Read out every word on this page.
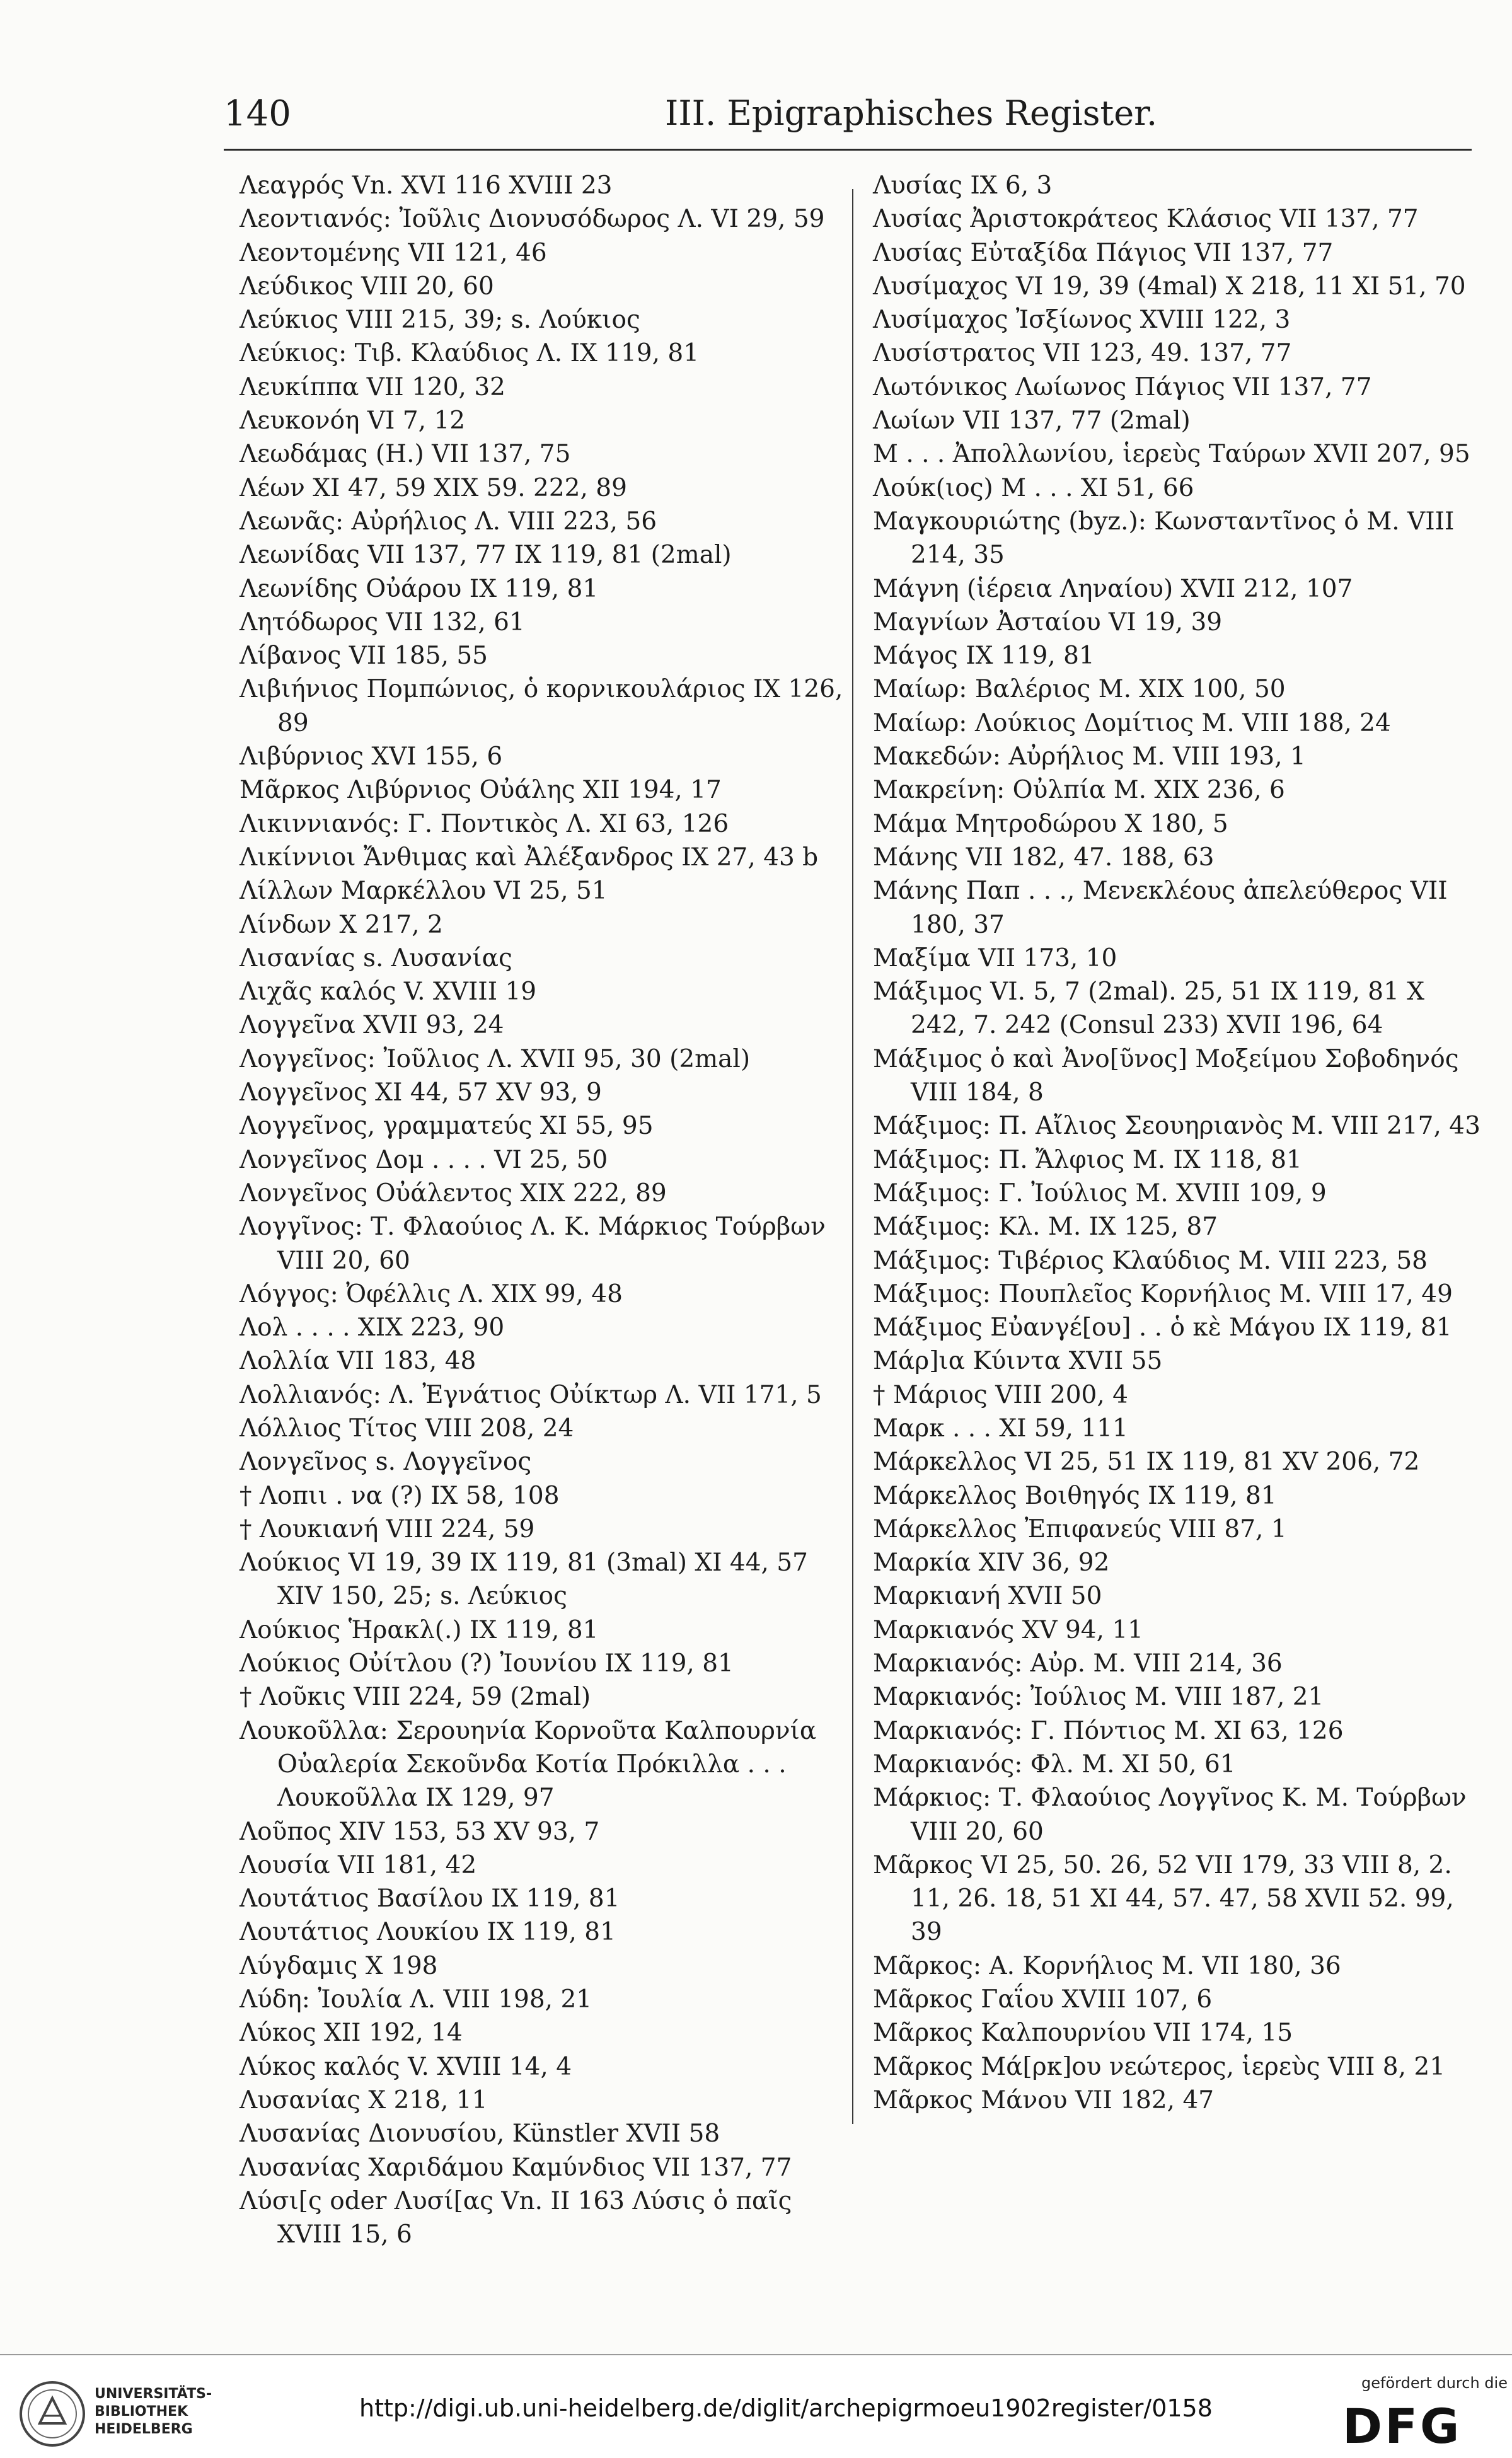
140	III. Epigraphisches Register.
Λεαγρός Vn. XVI 116 XVIII 23
Λεοντιανός: Ἰοῦλις Διονυσόδωρος Λ. VI 29, 59
Λεοντομένης VII 121, 46
Λεύδικος VIII 20, 60
Λεύκιος VIII 215, 39; s. Λούκιος
Λεύκιος: Τιβ. Κλαύδιος Λ. IX 119, 81
Λευκίππα VII 120, 32
Λευκονόη VI 7, 12
Λεωδάμας (H.) VII 137, 75
Λέων XI 47, 59 XIX 59. 222, 89
Λεωνᾶς: Αὐρήλιος Λ. VIII 223, 56
Λεωνίδας VII 137, 77 IX 119, 81 (2mal)
Λεωνίδης Οὐάρου IX 119, 81
Λητόδωρος VII 132, 61
Λίβανος VII 185, 55
Λιβιήνιος Πομπώνιος, ὁ κορνικουλάριος IX 126, 89
Λιβύρνιος XVI 155, 6
Μᾶρκος Λιβύρνιος Οὐάλης XII 194, 17
Λικιννιανός: Γ. Ποντικὸς Λ. XI 63, 126
Λικίννιοι Ἄνθιμας καὶ Ἀλέξανδρος IX 27, 43 b
Λίλλων Μαρκέλλου VI 25, 51
Λίνδων X 217, 2
Λισανίας s. Λυσανίας
Λιχᾶς καλός V. XVIII 19
Λογγεῖνα XVII 93, 24
Λογγεῖνος: Ἰοῦλιος Λ. XVII 95, 30 (2mal)
Λογγεῖνος XI 44, 57 XV 93, 9
Λογγεῖνος, γραμματεύς XI 55, 95
Λονγεῖνος Δομ . . . . VI 25, 50
Λονγεῖνος Οὐάλεντος XIX 222, 89
Λογγῖνος: Τ. Φλαούιος Λ. Κ. Μάρκιος Τούρβων VIII 20, 60
Λόγγος: Ὀφέλλις Λ. XIX 99, 48
Λολ . . . . XIX 223, 90
Λολλία VII 183, 48
Λολλιανός: Λ. Ἐγνάτιος Οὐίκτωρ Λ. VII 171, 5
Λόλλιος Τίτος VIII 208, 24
Λονγεῖνος s. Λογγεῖνος
† Λοπιι . να (?) IX 58, 108
† Λουκιανή VIII 224, 59
Λούκιος VI 19, 39 IX 119, 81 (3mal) XI 44, 57 XIV 150, 25; s. Λεύκιος
Λούκιος Ἡρακλ(.) IX 119, 81
Λούκιος Οὐίτλου (?) Ἰουνίου IX 119, 81
† Λοῦκις VIII 224, 59 (2mal)
Λουκοῦλλα: Σερουηνία Κορνοῦτα Καλπουρνία Οὐαλερία Σεκοῦνδα Κοτία Πρόκιλλα . . . Λουκοῦλλα IX 129, 97
Λοῦπος XIV 153, 53 XV 93, 7
Λουσία VII 181, 42
Λουτάτιος Βασίλου IX 119, 81
Λουτάτιος Λουκίου IX 119, 81
Λύγδαμις X 198
Λύδη: Ἰουλία Λ. VIII 198, 21
Λύκος XII 192, 14
Λύκος καλός V. XVIII 14, 4
Λυσανίας X 218, 11
Λυσανίας Διονυσίου, Künstler XVII 58
Λυσανίας Χαριδάμου Καμύνδιος VII 137, 77
Λύσι[ς oder Λυσί[ας Vn. II 163 Λύσις ὁ παῖς XVIII 15, 6
Λυσίας IX 6, 3
Λυσίας Ἀριστοκράτεος Κλάσιος VII 137, 77
Λυσίας Εὐταξίδα Πάγιος VII 137, 77
Λυσίμαχος VI 19, 39 (4mal) X 218, 11 XI 51, 70
Λυσίμαχος Ἰσξίωνος XVIII 122, 3
Λυσίστρατος VII 123, 49. 137, 77
Λωτόνικος Λωίωνος Πάγιος VII 137, 77
Λωίων VII 137, 77 (2mal)
Μ . . . Ἀπολλωνίου, ἱερεὺς Ταύρων XVII 207, 95
Λούκ(ιος) Μ . . . XI 51, 66
Μαγκουριώτης (byz.): Κωνσταντῖνος ὁ Μ. VIII 214, 35
Μάγνη (ἱέρεια Ληναίου) XVII 212, 107
Μαγνίων Ἀσταίου VI 19, 39
Μάγος IX 119, 81
Μαίωρ: Βαλέριος Μ. XIX 100, 50
Μαίωρ: Λούκιος Δομίτιος Μ. VIII 188, 24
Μακεδών: Αὐρήλιος Μ. VIII 193, 1
Μακρείνη: Οὐλπία Μ. XIX 236, 6
Μάμα Μητροδώρου X 180, 5
Μάνης VII 182, 47. 188, 63
Μάνης Παπ . . ., Μενεκλέους ἀπελεύθερος VII 180, 37
Μαξίμα VII 173, 10
Μάξιμος VI. 5, 7 (2mal). 25, 51 IX 119, 81 X 242, 7. 242 (Consul 233) XVII 196, 64
Μάξιμος ὁ καὶ Ἀνο[ῦνος] Μοξείμου Σοβοδηνός VIII 184, 8
Μάξιμος: Π. Αἴλιος Σεουηριανὸς Μ. VIII 217, 43
Μάξιμος: Π. Ἄλφιος Μ. IX 118, 81
Μάξιμος: Γ. Ἰούλιος Μ. XVIII 109, 9
Μάξιμος: Κλ. Μ. IX 125, 87
Μάξιμος: Τιβέριος Κλαύδιος Μ. VIII 223, 58
Μάξιμος: Πουπλεῖος Κορνήλιος Μ. VIII 17, 49
Μάξιμος Εὐανγέ[ου] . . ὁ κὲ Μάγου IX 119, 81
Μάρ]ια Κύιντα XVII 55
† Μάριος VIII 200, 4
Μαρκ . . . XI 59, 111
Μάρκελλος VI 25, 51 IX 119, 81 XV 206, 72
Μάρκελλος Βοιθηγός IX 119, 81
Μάρκελλος Ἐπιφανεύς VIII 87, 1
Μαρκία XIV 36, 92
Μαρκιανή XVII 50
Μαρκιανός XV 94, 11
Μαρκιανός: Αὐρ. Μ. VIII 214, 36
Μαρκιανός: Ἰούλιος Μ. VIII 187, 21
Μαρκιανός: Γ. Πόντιος Μ. XI 63, 126
Μαρκιανός: Φλ. Μ. XI 50, 61
Μάρκιος: Τ. Φλαούιος Λογγῖνος Κ. Μ. Τούρβων VIII 20, 60
Μᾶρκος VI 25, 50. 26, 52 VII 179, 33 VIII 8, 2. 11, 26. 18, 51 XI 44, 57. 47, 58 XVII 52. 99, 39
Μᾶρκος: Α. Κορνήλιος Μ. VII 180, 36
Μᾶρκος Γαΐου XVIII 107, 6
Μᾶρκος Καλπουρνίου VII 174, 15
Μᾶρκος Μά[ρκ]ου νεώτερος, ἱερεὺς VIII 8, 21
Μᾶρκος Μάνου VII 182, 47
UNIVERSITÄTS-
BIBLIOTHEK
HEIDELBERG
http://digi.ub.uni-heidelberg.de/diglit/archepigrmoeu1902register/0158
gefördert durch die
DFG
